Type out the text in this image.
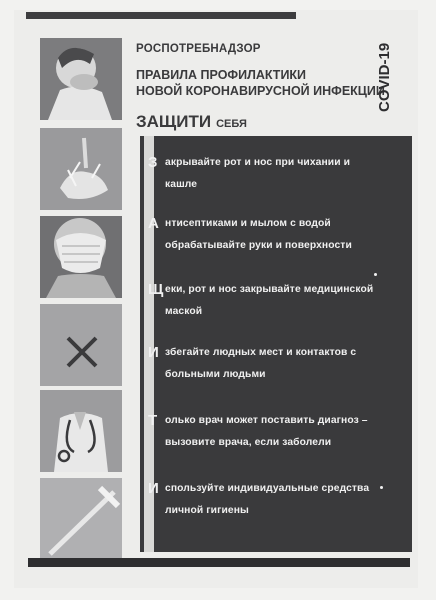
РОСПОТРЕБНАДЗОР
ПРАВИЛА ПРОФИЛАКТИКИ
НОВОЙ КОРОНАВИРУСНОЙ ИНФЕКЦИИ
COVID-19
ЗАЩИТИ СЕБЯ
З акрывайте рот и нос при чихании и
кашле
А нтисептиками и мылом с водой
обрабатывайте руки и поверхности
Щ еки, рот и нос закрывайте медицинской
маской
И збегайте людных мест и контактов с
больными людьми
Т олько врач может поставить диагноз –
вызовите врача, если заболели
И спользуйте индивидуальные средства
личной гигиены
